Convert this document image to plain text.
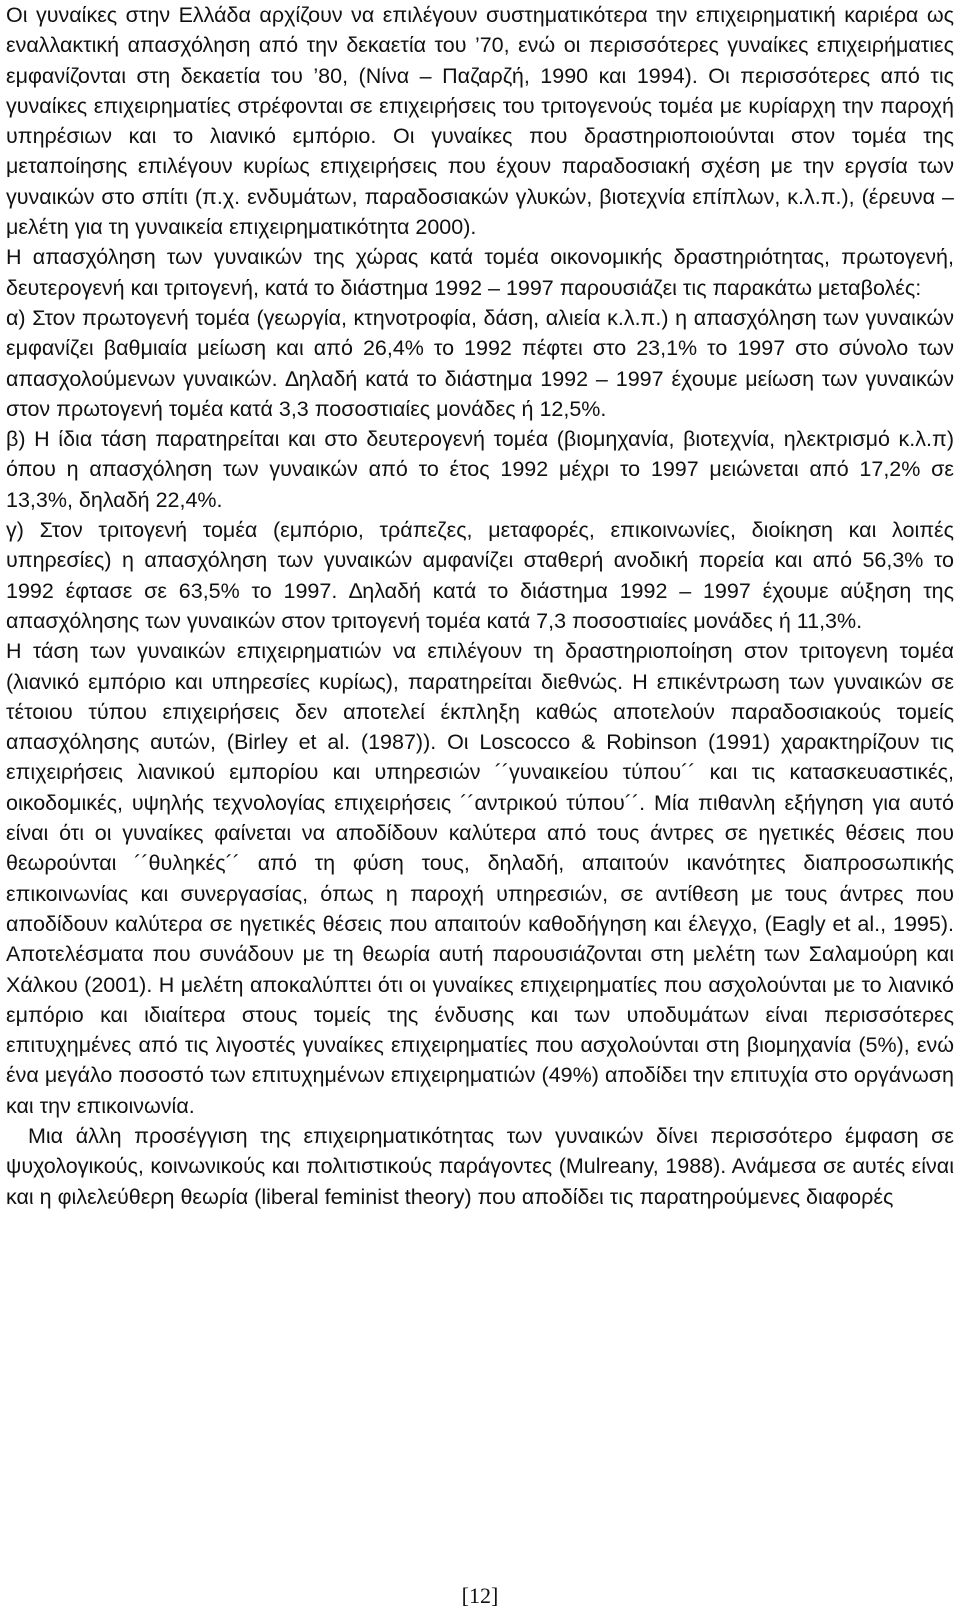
Οι γυναίκες στην Ελλάδα αρχίζουν να επιλέγουν συστηματικότερα την επιχειρηματική καριέρα ως εναλλακτική απασχόληση από την δεκαετία του ’70, ενώ οι περισσότερες γυναίκες επιχειρήματιες εμφανίζονται στη δεκαετία του ’80, (Νίνα – Παζαρζή, 1990 και 1994). Οι περισσότερες από τις γυναίκες επιχειρηματίες στρέφονται σε επιχειρήσεις του τριτογενούς τομέα με κυρίαρχη την παροχή υπηρέσιων και το λιανικό εμπόριο. Οι γυναίκες που δραστηριοποιούνται στον τομέα της μεταποίησης επιλέγουν κυρίως επιχειρήσεις που έχουν παραδοσιακή σχέση με την εργσία των γυναικών στο σπίτι (π.χ. ενδυμάτων, παραδοσιακών γλυκών, βιοτεχνία επίπλων, κ.λ.π.), (έρευνα – μελέτη για τη γυναικεία επιχειρηματικότητα 2000).

Η απασχόληση των γυναικών της χώρας κατά τομέα οικονομικής δραστηριότητας, πρωτογενή, δευτερογενή και τριτογενή, κατά το διάστημα 1992 – 1997 παρουσιάζει τις παρακάτω μεταβολές:

α) Στον πρωτογενή τομέα (γεωργία, κτηνοτροφία, δάση, αλιεία κ.λ.π.) η απασχόληση των γυναικών εμφανίζει βαθμιαία μείωση και από 26,4% το 1992 πέφτει στο 23,1% το 1997 στο σύνολο των απασχολούμενων γυναικών. ∆ηλαδή κατά το διάστημα 1992 – 1997 έχουμε μείωση των γυναικών στον πρωτογενή τομέα κατά 3,3 ποσοστιαίες μονάδες ή 12,5%.

β) Η ίδια τάση παρατηρείται και στο δευτερογενή τομέα (βιομηχανία, βιοτεχνία, ηλεκτρισμό κ.λ.π) όπου η απασχόληση των γυναικών από το έτος 1992 μέχρι το 1997 μειώνεται από 17,2% σε 13,3%, δηλαδή 22,4%.

γ) Στον τριτογενή τομέα (εμπόριο, τράπεζες, μεταφορές, επικοινωνίες, διοίκηση και λοιπές υπηρεσίες) η απασχόληση των γυναικών αμφανίζει σταθερή ανοδική πορεία και από 56,3% το 1992 έφτασε σε 63,5% το 1997. ∆ηλαδή κατά το διάστημα 1992 – 1997 έχουμε αύξηση της απασχόλησης των γυναικών στον τριτογενή τομέα κατά 7,3 ποσοστιαίες μονάδες ή 11,3%.

Η τάση των γυναικών επιχειρηματιών να επιλέγουν τη δραστηριοποίηση στον τριτογενη τομέα (λιανικό εμπόριο και υπηρεσίες κυρίως), παρατηρείται διεθνώς. Η επικέντρωση των γυναικών σε τέτοιου τύπου επιχειρήσεις δεν αποτελεί έκπληξη καθώς αποτελούν παραδοσιακούς τομείς απασχόλησης αυτών, (Birley et al. (1987)). Οι Loscocco & Robinson (1991) χαρακτηρίζουν τις επιχειρήσεις λιανικού εμπορίου και υπηρεσιών ´´γυναικείου τύπου´´ και τις κατασκευαστικές, οικοδομικές, υψηλής τεχνολογίας επιχειρήσεις ´´αντρικού τύπου´´. Μία πιθανλη εξήγηση για αυτό είναι ότι οι γυναίκες φαίνεται να αποδίδουν καλύτερα από τους άντρες σε ηγετικές θέσεις που θεωρούνται ´´θυληκές´´ από τη φύση τους, δηλαδή, απαιτούν ικανότητες διαπροσωπικής επικοινωνίας και συνεργασίας, όπως η παροχή υπηρεσιών, σε αντίθεση με τους άντρες που αποδίδουν καλύτερα σε ηγετικές θέσεις που απαιτούν καθοδήγηση και έλεγχο, (Eagly et al., 1995). Αποτελέσματα που συνάδουν με τη θεωρία αυτή παρουσιάζονται στη μελέτη των Σαλαμούρη και Χάλκου (2001). Η μελέτη αποκαλύπτει ότι οι γυναίκες επιχειρηματίες που ασχολούνται με το λιανικό εμπόριο και ιδιαίτερα στους τομείς της ένδυσης και των υποδυμάτων είναι περισσότερες επιτυχημένες από τις λιγοστές γυναίκες επιχειρηματίες που ασχολούνται στη βιομηχανία (5%), ενώ ένα μεγάλο ποσοστό των επιτυχημένων επιχειρηματιών (49%) αποδίδει την επιτυχία στο οργάνωση και την επικοινωνία.

Μια άλλη προσέγγιση της επιχειρηματικότητας των γυναικών δίνει περισσότερο έμφαση σε ψυχολογικούς, κοινωνικούς και πολιτιστικούς παράγοντες (Mulreany, 1988). Ανάμεσα σε αυτές είναι και η φιλελεύθερη θεωρία (liberal feminist theory) που αποδίδει τις παρατηρούμενες διαφορές

[12]
